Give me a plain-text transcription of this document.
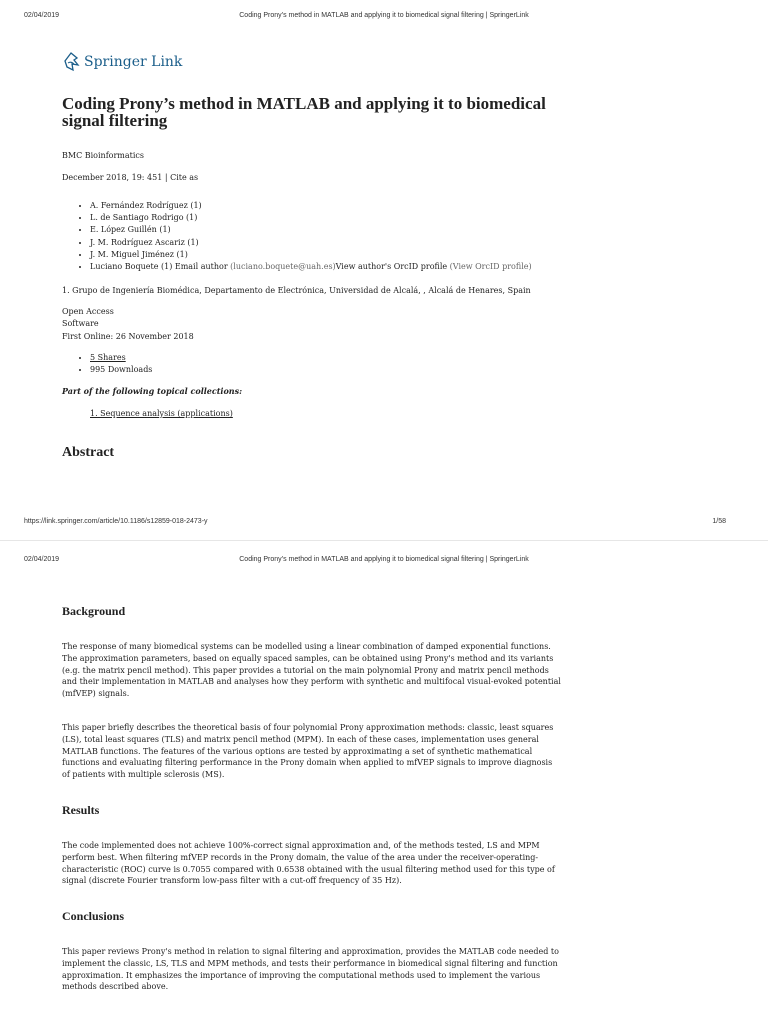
02/04/2019	Coding Prony’s method in MATLAB and applying it to biomedical signal filtering | SpringerLink
Springer Link
Coding Prony’s method in MATLAB and applying it to biomedical signal filtering
BMC Bioinformatics
December 2018, 19: 451 | Cite as
• A. Fernández Rodríguez (1)
• L. de Santiago Rodrigo (1)
• E. López Guillén (1)
• J. M. Rodríguez Ascariz (1)
• J. M. Miguel Jiménez (1)
• Luciano Boquete (1) Email author (luciano.boquete@uah.es)View author's OrcID profile (View OrcID profile)
1. Grupo de Ingeniería Biomédica, Departamento de Electrónica, Universidad de Alcalá, , Alcalá de Henares, Spain
Open Access
Software
First Online: 26 November 2018
• 5 Shares
• 995 Downloads
Part of the following topical collections:
1. Sequence analysis (applications)
Abstract
https://link.springer.com/article/10.1186/s12859-018-2473-y	1/58
02/04/2019	Coding Prony’s method in MATLAB and applying it to biomedical signal filtering | SpringerLink
Background
The response of many biomedical systems can be modelled using a linear combination of damped exponential functions. The approximation parameters, based on equally spaced samples, can be obtained using Prony's method and its variants (e.g. the matrix pencil method). This paper provides a tutorial on the main polynomial Prony and matrix pencil methods and their implementation in MATLAB and analyses how they perform with synthetic and multifocal visual-evoked potential (mfVEP) signals.
This paper briefly describes the theoretical basis of four polynomial Prony approximation methods: classic, least squares (LS), total least squares (TLS) and matrix pencil method (MPM). In each of these cases, implementation uses general MATLAB functions. The features of the various options are tested by approximating a set of synthetic mathematical functions and evaluating filtering performance in the Prony domain when applied to mfVEP signals to improve diagnosis of patients with multiple sclerosis (MS).
Results
The code implemented does not achieve 100%-correct signal approximation and, of the methods tested, LS and MPM perform best. When filtering mfVEP records in the Prony domain, the value of the area under the receiver-operating-characteristic (ROC) curve is 0.7055 compared with 0.6538 obtained with the usual filtering method used for this type of signal (discrete Fourier transform low-pass filter with a cut-off frequency of 35 Hz).
Conclusions
This paper reviews Prony's method in relation to signal filtering and approximation, provides the MATLAB code needed to implement the classic, LS, TLS and MPM methods, and tests their performance in biomedical signal filtering and function approximation. It emphasizes the importance of improving the computational methods used to implement the various methods described above.
